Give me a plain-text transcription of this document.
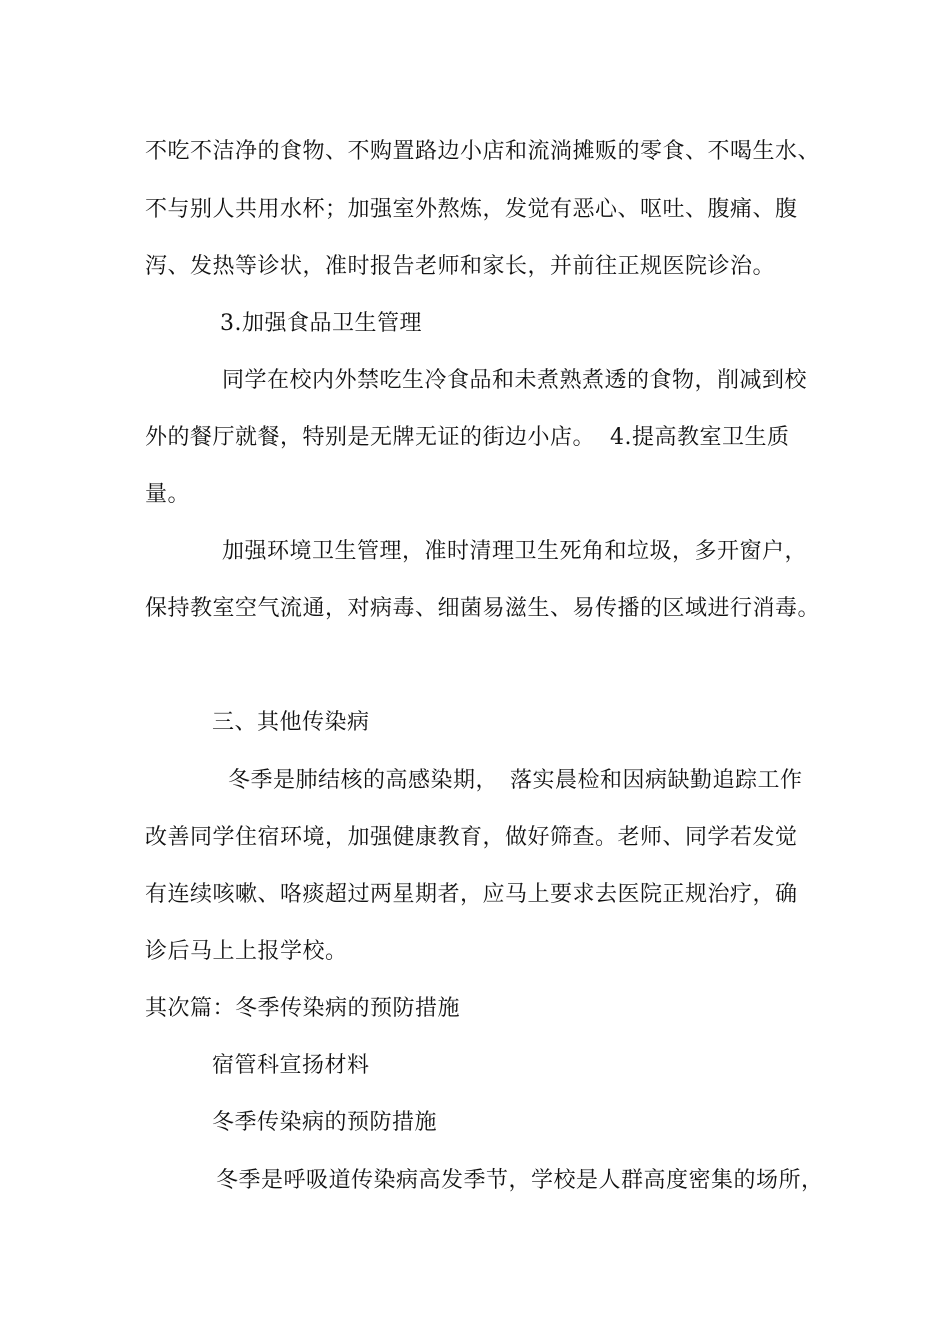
不吃不洁净的食物、不购置路边小店和流淌摊贩的零食、不喝生水、
不与别人共用水杯；加强室外熬炼，发觉有恶心、呕吐、腹痛、腹
泻、发热等诊状，准时报告老师和家长，并前往正规医院诊治。
3.加强食品卫生管理
同学在校内外禁吃生冷食品和未煮熟煮透的食物，削减到校
外的餐厅就餐，特别是无牌无证的街边小店。 4.提高教室卫生质
量。
加强环境卫生管理，准时清理卫生死角和垃圾，多开窗户，
保持教室空气流通，对病毒、细菌易滋生、易传播的区域进行消毒。
三、其他传染病
冬季是肺结核的高感染期， 落实晨检和因病缺勤追踪工作
改善同学住宿环境，加强健康教育，做好筛查。老师、同学若发觉
有连续咳嗽、咯痰超过两星期者，应马上要求去医院正规治疗，确
诊后马上上报学校。
其次篇：冬季传染病的预防措施
宿管科宣扬材料
冬季传染病的预防措施
冬季是呼吸道传染病高发季节，学校是人群高度密集的场所，
